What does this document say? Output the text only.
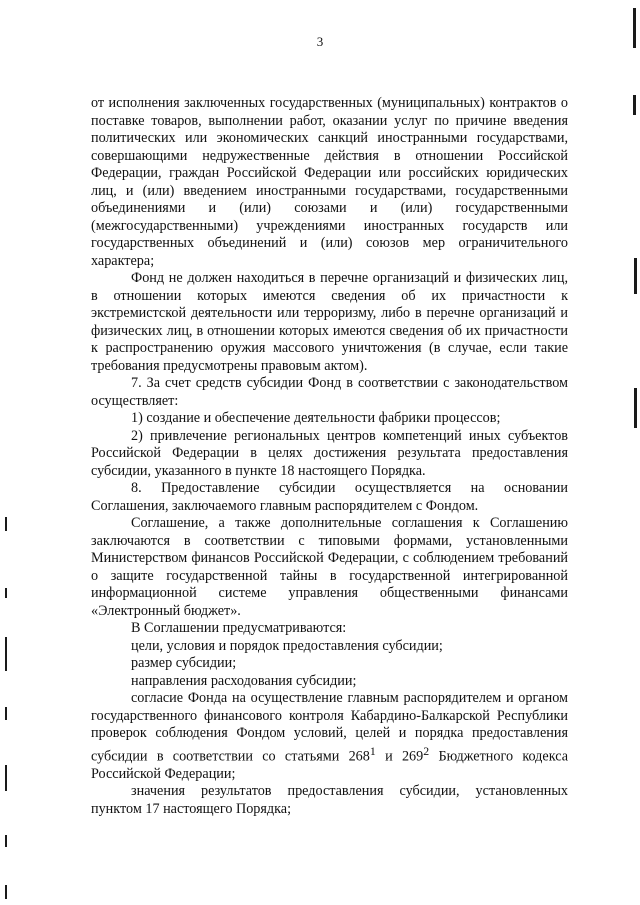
3

от исполнения заключенных государственных (муниципальных) контрактов о поставке товаров, выполнении работ, оказании услуг по причине введения политических или экономических санкций иностранными государствами, совершающими недружественные действия в отношении Российской Федерации, граждан Российской Федерации или российских юридических лиц, и (или) введением иностранными государствами, государственными объединениями и (или) союзами и (или) государственными (межгосударственными) учреждениями иностранных государств или государственных объединений и (или) союзов мер ограничительного характера;

Фонд не должен находиться в перечне организаций и физических лиц, в отношении которых имеются сведения об их причастности к экстремистской деятельности или терроризму, либо в перечне организаций и физических лиц, в отношении которых имеются сведения об их причастности к распространению оружия массового уничтожения (в случае, если такие требования предусмотрены правовым актом).

7. За счет средств субсидии Фонд в соответствии с законодательством осуществляет:

1) создание и обеспечение деятельности фабрики процессов;

2) привлечение региональных центров компетенций иных субъектов Российской Федерации в целях достижения результата предоставления субсидии, указанного в пункте 18 настоящего Порядка.

8. Предоставление субсидии осуществляется на основании Соглашения, заключаемого главным распорядителем с Фондом.

Соглашение, а также дополнительные соглашения к Соглашению заключаются в соответствии с типовыми формами, установленными Министерством финансов Российской Федерации, с соблюдением требований о защите государственной тайны в государственной интегрированной информационной системе управления общественными финансами «Электронный бюджет».

В Соглашении предусматриваются:

цели, условия и порядок предоставления субсидии;

размер субсидии;

направления расходования субсидии;

согласие Фонда на осуществление главным распорядителем и органом государственного финансового контроля Кабардино-Балкарской Республики проверок соблюдения Фондом условий, целей и порядка предоставления субсидии в соответствии со статьями $268^1$ и $269^2$ Бюджетного кодекса Российской Федерации;

значения результатов предоставления субсидии, установленных пунктом 17 настоящего Порядка;
